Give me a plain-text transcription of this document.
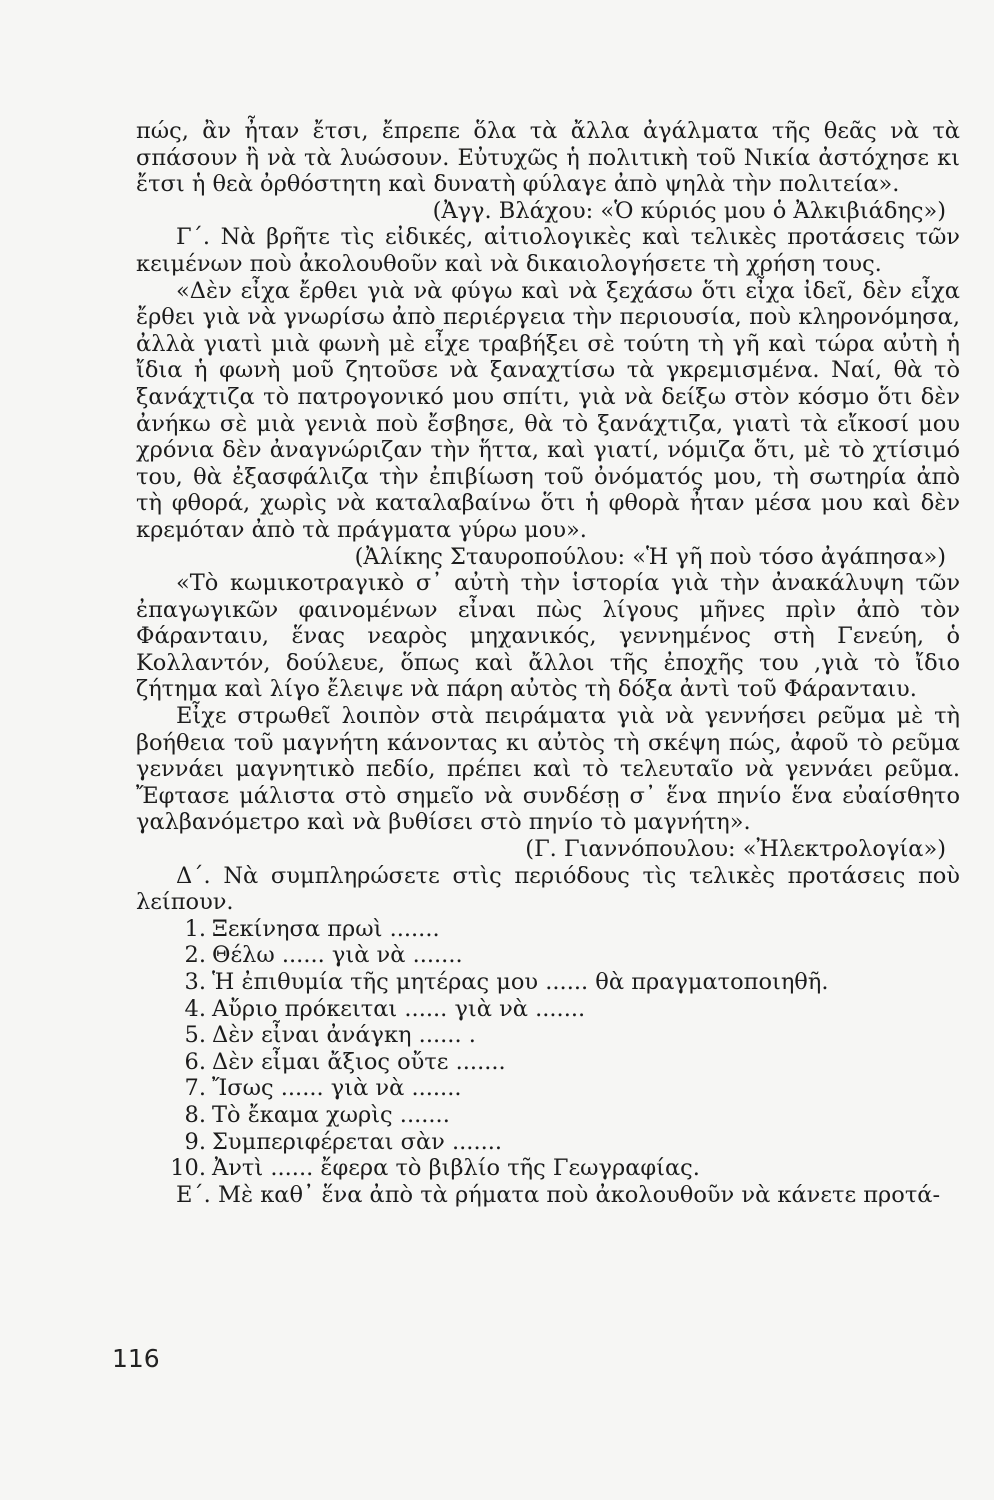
πώς, ἂν ἦταν ἔτσι, ἔπρεπε ὅλα τὰ ἄλλα ἀγάλματα τῆς θεᾶς νὰ τὰ σπάσουν ἢ νὰ τὰ λυώσουν. Εὐτυχῶς ἡ πολιτικὴ τοῦ Νικία ἀστόχησε κι ἔτσι ἡ θεὰ ὀρθόστητη καὶ δυνατὴ φύλαγε ἀπὸ ψηλὰ τὴν πολιτεία».

(Ἀγγ. Βλάχου: «Ὁ κύριός μου ὁ Ἀλκιβιάδης»)

Γ΄. Νὰ βρῆτε τὶς εἰδικές, αἰτιολογικὲς καὶ τελικὲς προτάσεις τῶν κειμένων ποὺ ἀκολουθοῦν καὶ νὰ δικαιολογήσετε τὴ χρήση τους.

«Δὲν εἶχα ἔρθει γιὰ νὰ φύγω καὶ νὰ ξεχάσω ὅτι εἶχα ἰδεῖ, δὲν εἶχα ἔρθει γιὰ νὰ γνωρίσω ἀπὸ περιέργεια τὴν περιουσία, ποὺ κληρονόμησα, ἀλλὰ γιατὶ μιὰ φωνὴ μὲ εἶχε τραβήξει σὲ τούτη τὴ γῆ καὶ τώρα αὐτὴ ἡ ἴδια ἡ φωνὴ μοῦ ζητοῦσε νὰ ξαναχτίσω τὰ γκρεμισμένα. Ναί, θὰ τὸ ξανάχτιζα τὸ πατρογονικό μου σπίτι, γιὰ νὰ δείξω στὸν κόσμο ὅτι δὲν ἀνήκω σὲ μιὰ γενιὰ ποὺ ἔσβησε, θὰ τὸ ξανάχτιζα, γιατὶ τὰ εἴκοσί μου χρόνια δὲν ἀναγνώριζαν τὴν ἥττα, καὶ γιατί, νόμιζα ὅτι, μὲ τὸ χτίσιμό του, θὰ ἐξασφάλιζα τὴν ἐπιβίωση τοῦ ὀνόματός μου, τὴ σωτηρία ἀπὸ τὴ φθορά, χωρὶς νὰ καταλαβαίνω ὅτι ἡ φθορὰ ἦταν μέσα μου καὶ δὲν κρεμόταν ἀπὸ τὰ πράγματα γύρω μου».

(Ἀλίκης Σταυροπούλου: «Ἡ γῆ ποὺ τόσο ἀγάπησα»)

«Τὸ κωμικοτραγικὸ σ᾽ αὐτὴ τὴν ἱστορία γιὰ τὴν ἀνακάλυψη τῶν ἐπαγωγικῶν φαινομένων εἶναι πὼς λίγους μῆνες πρὶν ἀπὸ τὸν Φάρανταιυ, ἕνας νεαρὸς μηχανικός, γεννημένος στὴ Γενεύη, ὁ Κολλαντόν, δούλευε, ὅπως καὶ ἄλλοι τῆς ἐποχῆς του ,γιὰ τὸ ἴδιο ζήτημα καὶ λίγο ἔλειψε νὰ πάρη αὐτὸς τὴ δόξα ἀντὶ τοῦ Φάρανταιυ.

Εἶχε στρωθεῖ λοιπὸν στὰ πειράματα γιὰ νὰ γεννήσει ρεῦμα μὲ τὴ βοήθεια τοῦ μαγνήτη κάνοντας κι αὐτὸς τὴ σκέψη πώς, ἀφοῦ τὸ ρεῦμα γεννάει μαγνητικὸ πεδίο, πρέπει καὶ τὸ τελευταῖο νὰ γεννάει ρεῦμα. Ἔφτασε μάλιστα στὸ σημεῖο νὰ συνδέσῃ σ᾽ ἕνα πηνίο ἕνα εὐαίσθητο γαλβανόμετρο καὶ νὰ βυθίσει στὸ πηνίο τὸ μαγνήτη».

(Γ. Γιαννόπουλου: «Ἠλεκτρολογία»)

Δ΄. Νὰ συμπληρώσετε στὶς περιόδους τὶς τελικὲς προτάσεις ποὺ λείπουν.

1. Ξεκίνησα πρωὶ .......
2. Θέλω ...... γιὰ νὰ .......
3. Ἡ ἐπιθυμία τῆς μητέρας μου ...... θὰ πραγματοποιηθῆ.
4. Αὔριο πρόκειται ...... γιὰ νὰ .......
5. Δὲν εἶναι ἀνάγκη ...... .
6. Δὲν εἶμαι ἄξιος οὔτε .......
7. Ἴσως ...... γιὰ νὰ .......
8. Τὸ ἔκαμα χωρὶς .......
9. Συμπεριφέρεται σὰν .......
10. Ἀντὶ ...... ἔφερα τὸ βιβλίο τῆς Γεωγραφίας.

Ε΄. Μὲ καθ᾽ ἕνα ἀπὸ τὰ ρήματα ποὺ ἀκολουθοῦν νὰ κάνετε προτά-

116
